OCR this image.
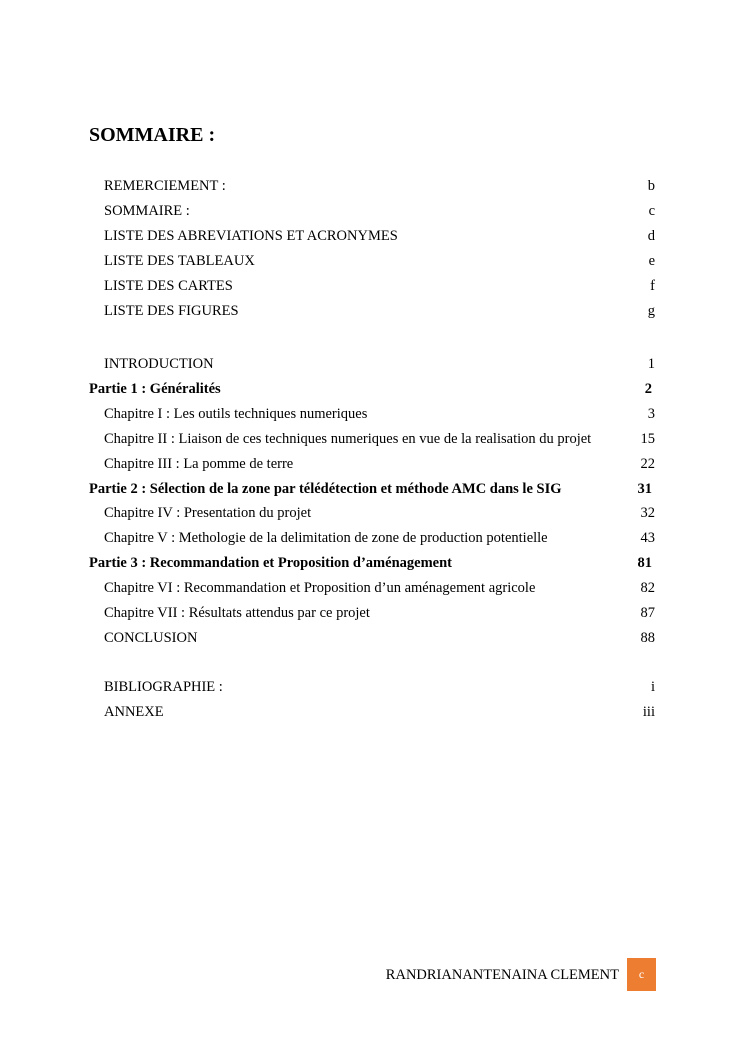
SOMMAIRE :
REMERCIEMENT :	b
SOMMAIRE :	c
LISTE DES ABREVIATIONS ET ACRONYMES	d
LISTE DES TABLEAUX	e
LISTE DES CARTES	f
LISTE DES FIGURES	g
INTRODUCTION	1
Partie 1 : Généralités	2
Chapitre I : Les outils techniques numeriques	3
Chapitre II : Liaison de ces techniques numeriques en vue de la realisation du projet	15
Chapitre III : La pomme de terre	22
Partie 2 : Sélection de la zone par télédétection et méthode AMC dans le SIG	31
Chapitre IV : Presentation du projet	32
Chapitre V : Methologie de la delimitation de zone de production potentielle	43
Partie 3 : Recommandation et Proposition d’aménagement	81
Chapitre VI : Recommandation et Proposition d’un aménagement agricole	82
Chapitre VII : Résultats attendus par ce projet	87
CONCLUSION	88
BIBLIOGRAPHIE :	i
ANNEXE	iii
RANDRIANANTENAINA CLEMENT	c
